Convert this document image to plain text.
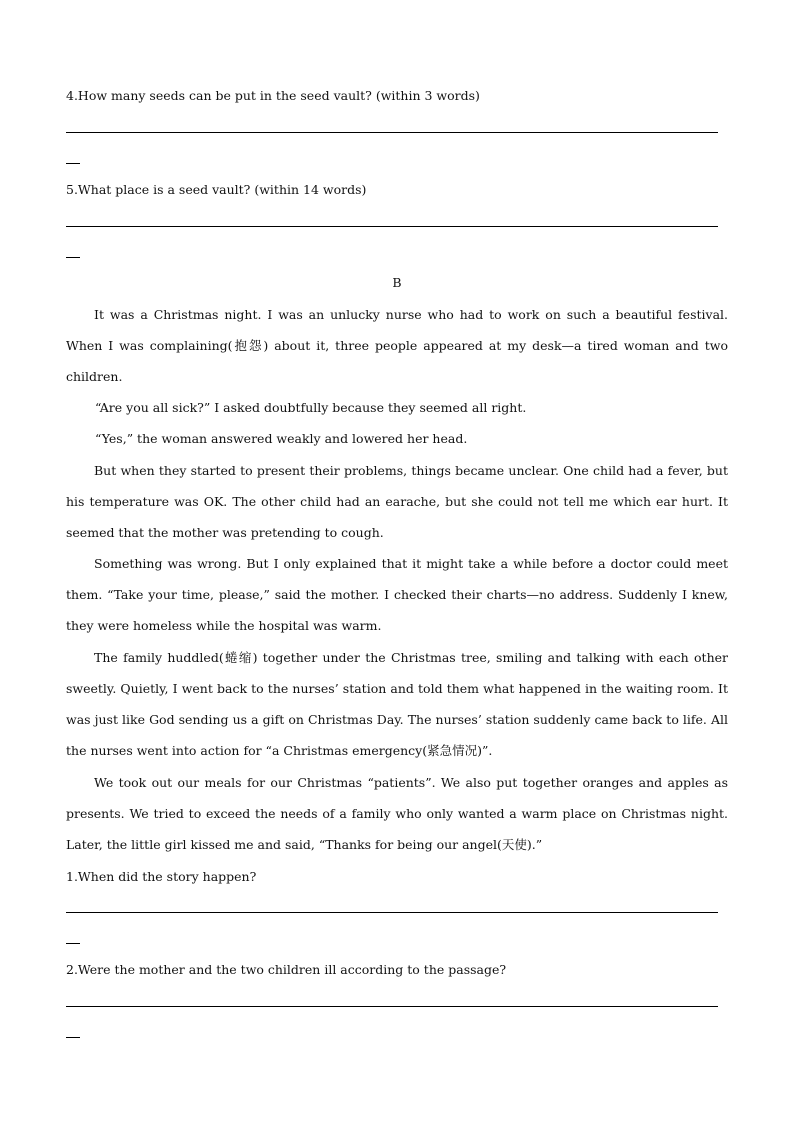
4.How many seeds can be put in the seed vault? (within 3 words)
5.What place is a seed vault? (within 14 words)
B
It was a Christmas night. I was an unlucky nurse who had to work on such a beautiful festival. When I was complaining(抱怨) about it, three people appeared at my desk—a tired woman and two children.
“Are you all sick?” I asked doubtfully because they seemed all right.
“Yes,” the woman answered weakly and lowered her head.
But when they started to present their problems, things became unclear. One child had a fever, but his temperature was OK. The other child had an earache, but she could not tell me which ear hurt. It seemed that the mother was pretending to cough.
Something was wrong. But I only explained that it might take a while before a doctor could meet them. “Take your time, please,” said the mother. I checked their charts—no address. Suddenly I knew, they were homeless while the hospital was warm.
The family huddled(蜷缩) together under the Christmas tree, smiling and talking with each other sweetly. Quietly, I went back to the nurses’ station and told them what happened in the waiting room. It was just like God sending us a gift on Christmas Day. The nurses’ station suddenly came back to life. All the nurses went into action for “a Christmas emergency(紧急情况)”.
We took out our meals for our Christmas “patients”. We also put together oranges and apples as presents. We tried to exceed the needs of a family who only wanted a warm place on Christmas night. Later, the little girl kissed me and said, “Thanks for being our angel(天使).”
1.When did the story happen?
2.Were the mother and the two children ill according to the passage?
